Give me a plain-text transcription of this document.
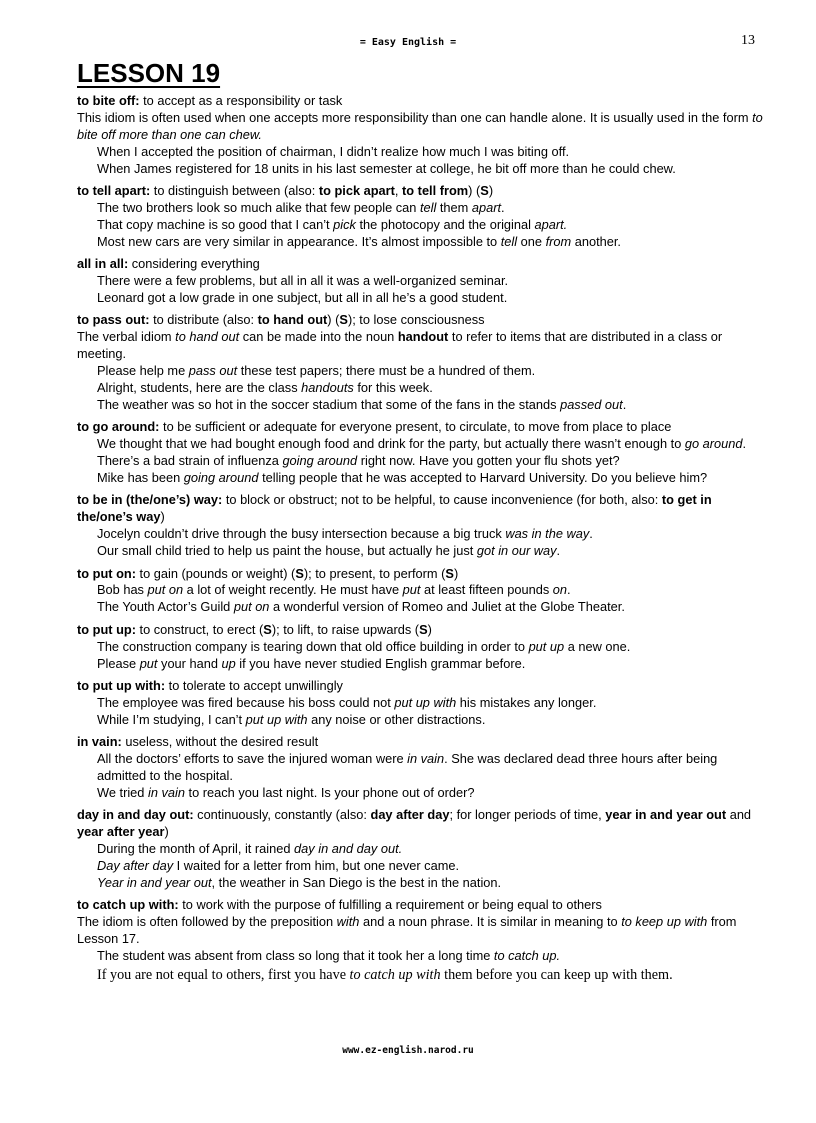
= Easy English =	13
LESSON 19

to bite off: to accept as a responsibility or task

This idiom is often used when one accepts more responsibility than one can handle alone. It is usually used in the form to bite off more than one can chew.

When I accepted the position of chairman, I didn’t realize how much I was biting off.

When James registered for 18 units in his last semester at college, he bit off more than he could chew.

to tell apart: to distinguish between (also: to pick apart, to tell from) (S)

The two brothers look so much alike that few people can tell them apart.

That copy machine is so good that I can’t pick the photocopy and the original apart.

Most new cars are very similar in appearance. It’s almost impossible to tell one from another.

all in all: considering everything

There were a few problems, but all in all it was a well-organized seminar.

Leonard got a low grade in one subject, but all in all he’s a good student.

to pass out: to distribute (also: to hand out) (S); to lose consciousness

The verbal idiom to hand out can be made into the noun handout to refer to items that are distributed in a class or meeting.

Please help me pass out these test papers; there must be a hundred of them.

Alright, students, here are the class handouts for this week.

The weather was so hot in the soccer stadium that some of the fans in the stands passed out.

to go around: to be sufficient or adequate for everyone present, to circulate, to move from place to place

We thought that we had bought enough food and drink for the party, but actually there wasn’t enough to go around.

There’s a bad strain of influenza going around right now. Have you gotten your flu shots yet?

Mike has been going around telling people that he was accepted to Harvard University. Do you believe him?

to be in (the/one’s) way: to block or obstruct; not to be helpful, to cause inconvenience (for both, also: to get in the/one’s way)

Jocelyn couldn’t drive through the busy intersection because a big truck was in the way.

Our small child tried to help us paint the house, but actually he just got in our way.

to put on: to gain (pounds or weight) (S); to present, to perform (S)

Bob has put on a lot of weight recently. He must have put at least fifteen pounds on.

The Youth Actor’s Guild put on a wonderful version of Romeo and Juliet at the Globe Theater.

to put up: to construct, to erect (S); to lift, to raise upwards (S)

The construction company is tearing down that old office building in order to put up a new one.

Please put your hand up if you have never studied English grammar before.

to put up with: to tolerate to accept unwillingly

The employee was fired because his boss could not put up with his mistakes any longer.

While I’m studying, I can’t put up with any noise or other distractions.

in vain: useless, without the desired result

All the doctors’ efforts to save the injured woman were in vain. She was declared dead three hours after being admitted to the hospital.

We tried in vain to reach you last night. Is your phone out of order?

day in and day out: continuously, constantly (also: day after day; for longer periods of time, year in and year out and year after year)

During the month of April, it rained day in and day out.

Day after day I waited for a letter from him, but one never came.

Year in and year out, the weather in San Diego is the best in the nation.

to catch up with: to work with the purpose of fulfilling a requirement or being equal to others

The idiom is often followed by the preposition with and a noun phrase. It is similar in meaning to to keep up with from Lesson 17.

The student was absent from class so long that it took her a long time to catch up.

If you are not equal to others, first you have to catch up with them before you can keep up with them.

www.ez-english.narod.ru
